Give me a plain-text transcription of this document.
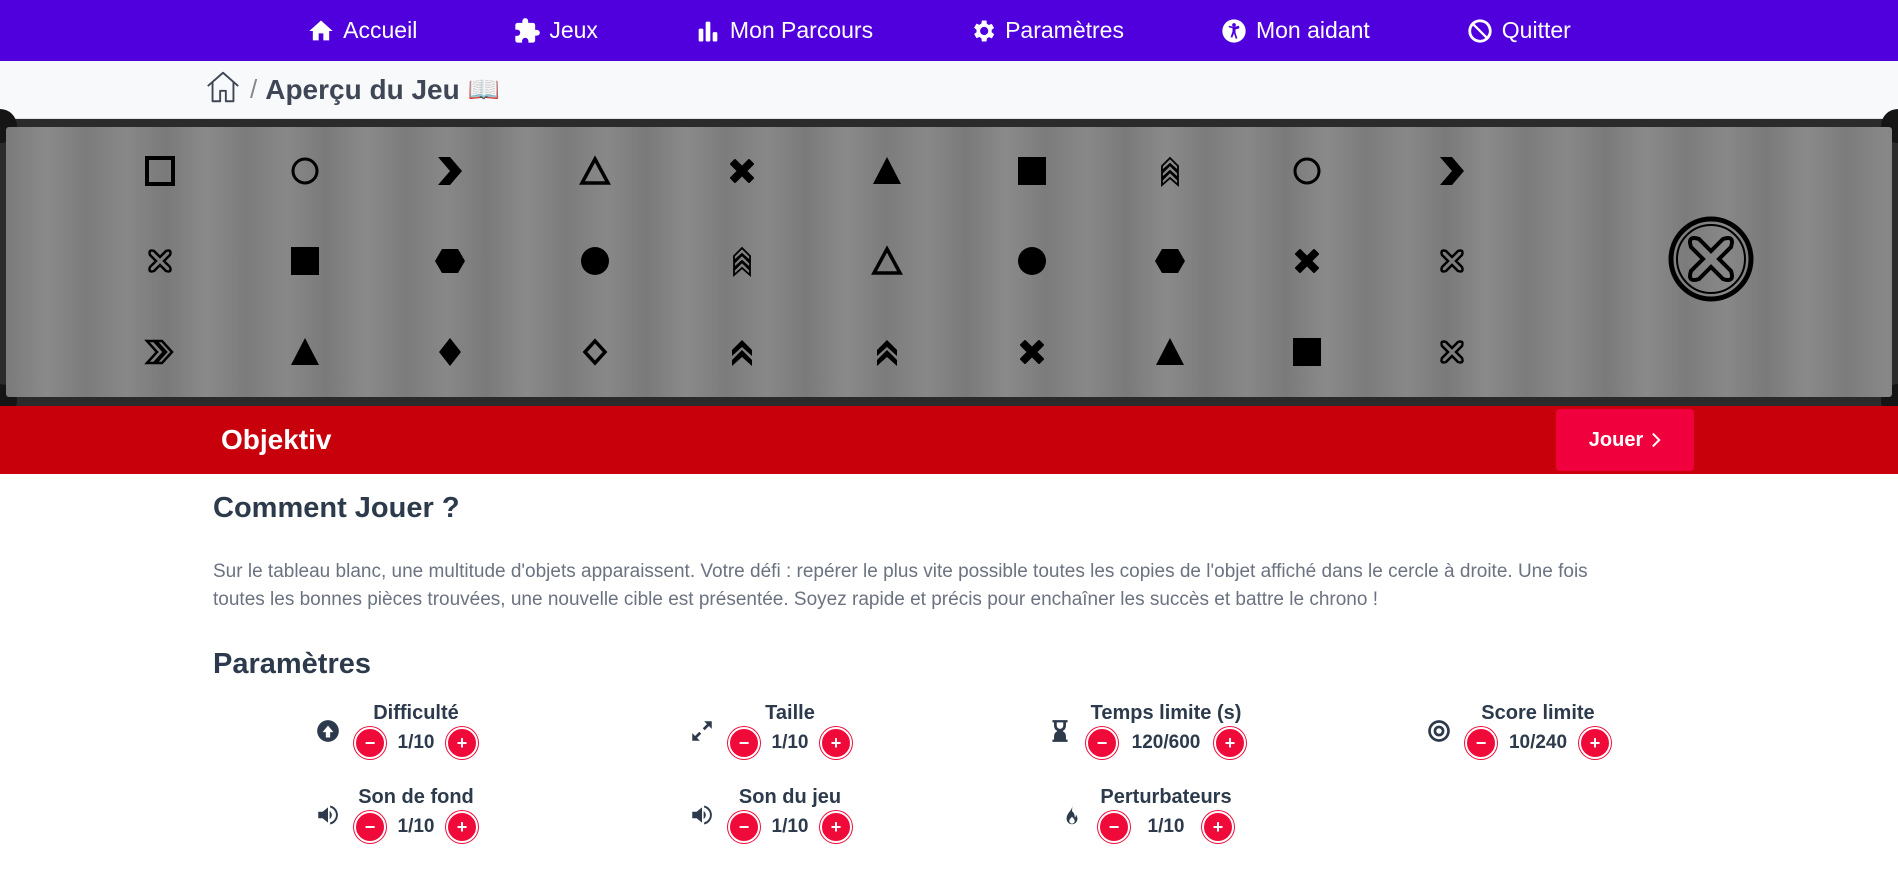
Accueil	Jeux	Mon Parcours	Paramètres	Mon aidant	Quitter
/ Aperçu du Jeu 📖
Objektiv	Jouer
Comment Jouer ?
Sur le tableau blanc, une multitude d'objets apparaissent. Votre défi : repérer le plus vite possible toutes les copies de l'objet affiché dans le cercle à droite. Une fois
toutes les bonnes pièces trouvées, une nouvelle cible est présentée. Soyez rapide et précis pour enchaîner les succès et battre le chrono !
Paramètres
Difficulté
−	1/10	+
Taille
−	1/10	+
Temps limite (s)
−	120/600	+
Score limite
−	10/240	+
Son de fond
−	1/10	+
Son du jeu
−	1/10	+
Perturbateurs
−	1/10	+
